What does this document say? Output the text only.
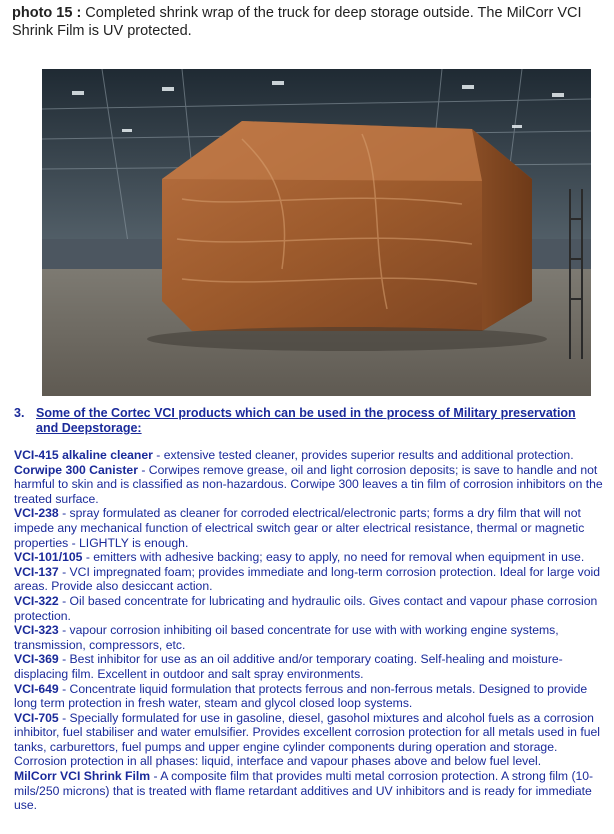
photo 15 : Completed shrink wrap of the truck for deep storage outside. The MilCorr VCI Shrink Film is UV protected.
3. Some of the Cortec VCI products which can be used in the process of Military preservation
and Deepstorage:

VCI-415 alkaline cleaner - extensive tested cleaner, provides superior results and additional protection.

Corwipe 300 Canister - Corwipes remove grease, oil and light corrosion deposits; is save to handle and not harmful to skin and is classified as non-hazardous. Corwipe 300 leaves a tin film of corrosion inhibitors on the treated surface.

VCI-238 - spray formulated as cleaner for corroded electrical/electronic parts; forms a dry film that will not impede any mechanical function of electrical switch gear or alter electrical resistance, thermal or magnetic properties - LIGHTLY is enough.

VCI-101/105 - emitters with adhesive backing; easy to apply, no need for removal when equipment in use.

VCI-137 - VCI impregnated foam; provides immediate and long-term corrosion protection. Ideal for large void areas. Provide also desiccant action.

VCI-322 - Oil based concentrate for lubricating and hydraulic oils. Gives contact and vapour phase corrosion protection.

VCI-323 - vapour corrosion inhibiting oil based concentrate for use with with working engine systems, transmission, compressors, etc.

VCI-369 - Best inhibitor for use as an oil additive and/or temporary coating. Self-healing and moisture-displacing film. Excellent in outdoor and salt spray environments.

VCI-649 - Concentrate liquid formulation that protects ferrous and non-ferrous metals. Designed to provide long term protection in fresh water, steam and glycol closed loop systems.

VCI-705 - Specially formulated for use in gasoline, diesel, gasohol mixtures and alcohol fuels as a corrosion inhibitor, fuel stabiliser and water emulsifier. Provides excellent corrosion protection for all metals used in fuel tanks, carburettors, fuel pumps and upper engine cylinder components during operation and storage. Corrosion protection in all phases: liquid, interface and vapour phases above and below fuel level.

MilCorr VCI Shrink Film - A composite film that provides multi metal corrosion protection. A strong film (10-mils/250 microns) that is treated with flame retardant additives and UV inhibitors and is ready for immediate use.
